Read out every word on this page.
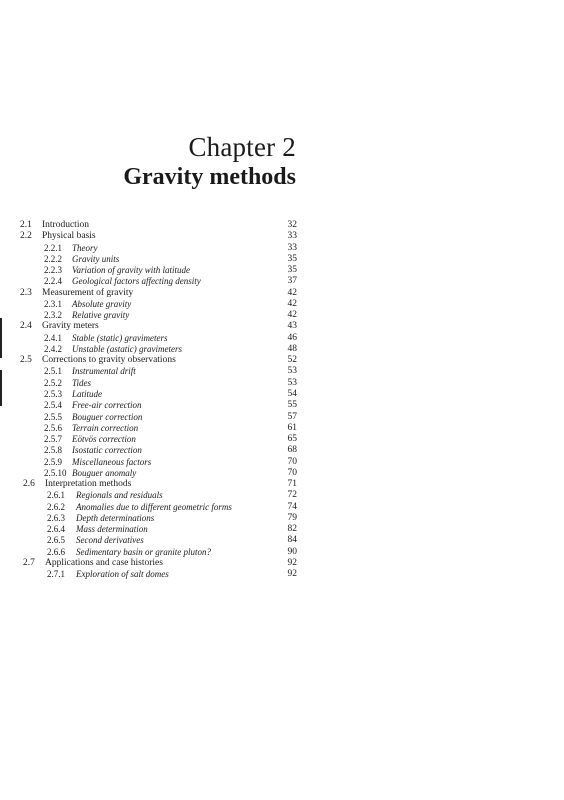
Chapter 2
Gravity methods
2.1 Introduction	32
2.2 Physical basis	33
2.2.1 Theory	33
2.2.2 Gravity units	35
2.2.3 Variation of gravity with latitude	35
2.2.4 Geological factors affecting density	37
2.3 Measurement of gravity	42
2.3.1 Absolute gravity	42
2.3.2 Relative gravity	42
2.4 Gravity meters	43
2.4.1 Stable (static) gravimeters	46
2.4.2 Unstable (astatic) gravimeters	48
2.5 Corrections to gravity observations	52
2.5.1 Instrumental drift	53
2.5.2 Tides	53
2.5.3 Latitude	54
2.5.4 Free-air correction	55
2.5.5 Bouguer correction	57
2.5.6 Terrain correction	61
2.5.7 Eötvös correction	65
2.5.8 Isostatic correction	68
2.5.9 Miscellaneous factors	70
2.5.10 Bouguer anomaly	70
2.6 Interpretation methods	71
2.6.1 Regionals and residuals	72
2.6.2 Anomalies due to different geometric forms	74
2.6.3 Depth determinations	79
2.6.4 Mass determination	82
2.6.5 Second derivatives	84
2.6.6 Sedimentary basin or granite pluton?	90
2.7 Applications and case histories	92
2.7.1 Exploration of salt domes	92
